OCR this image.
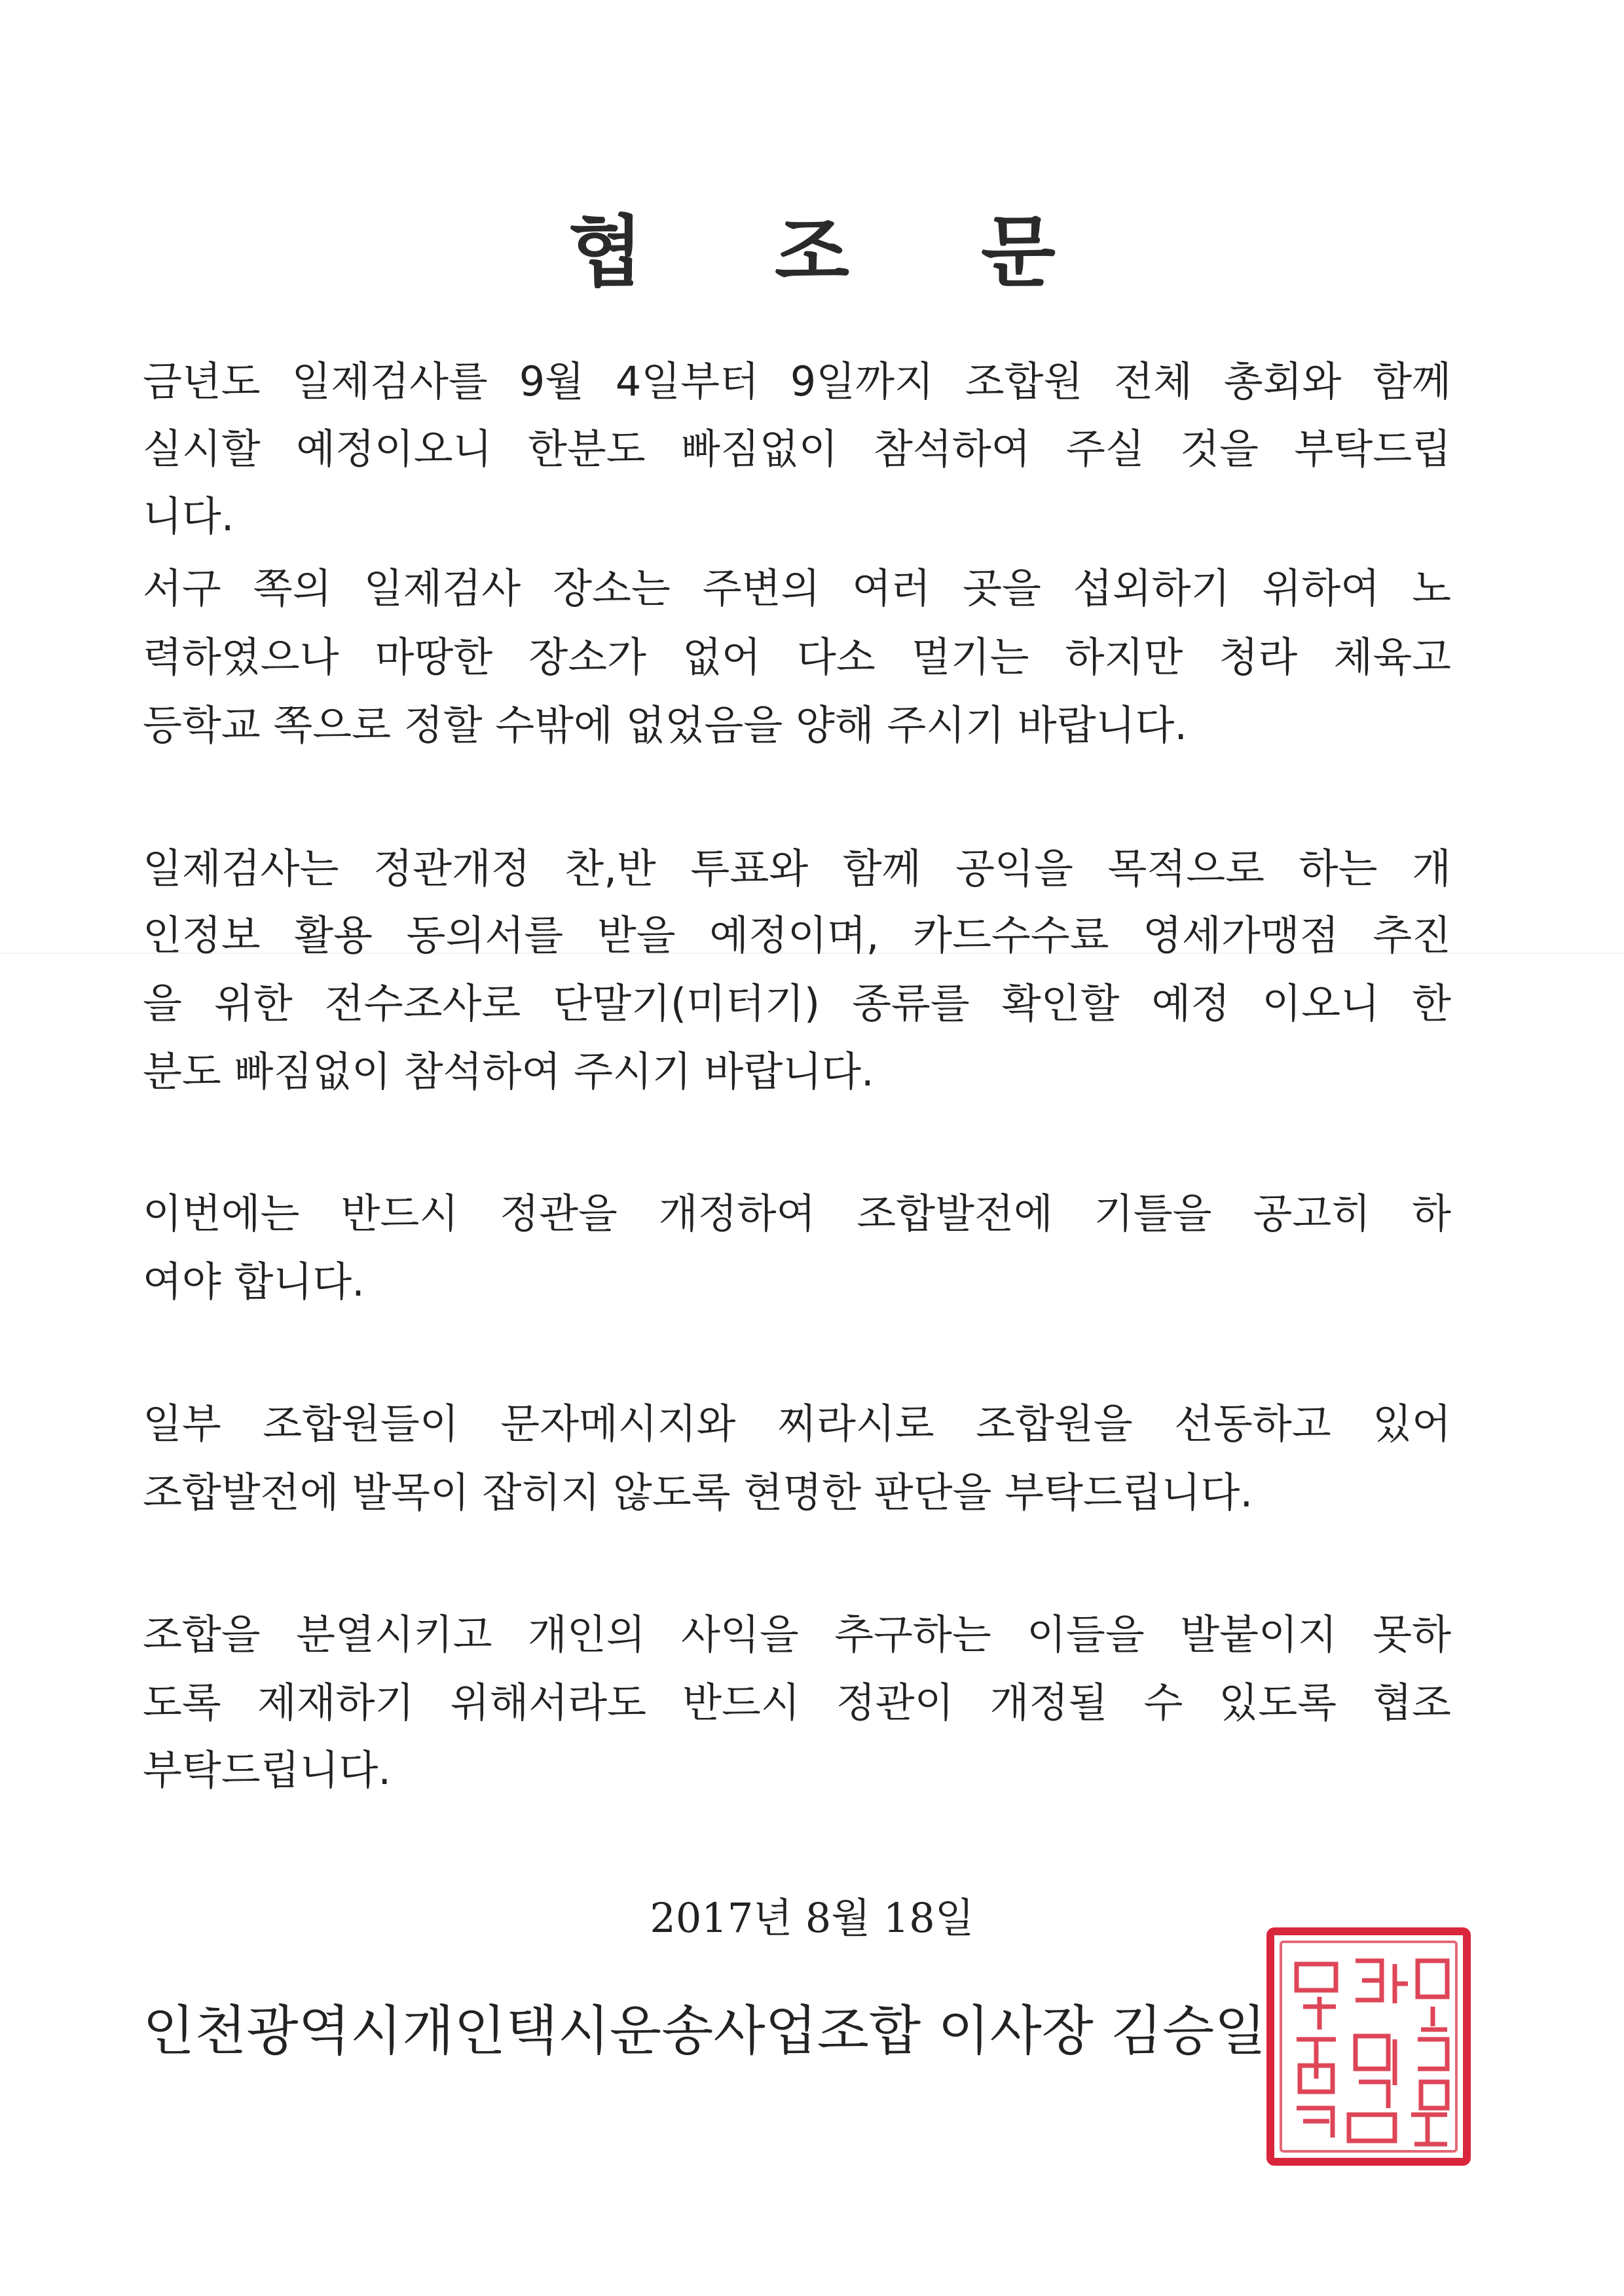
협 조 문

금년도 일제검사를 9월 4일부터 9일까지 조합원 전체 총회와 함께

실시할 예정이오니 한분도 빠짐없이 참석하여 주실 것을 부탁드립

니다.

서구 쪽의 일제검사 장소는 주변의 여러 곳을 섭외하기 위하여 노

력하였으나 마땅한 장소가 없어 다소 멀기는 하지만 청라 체육고

등학교 쪽으로 정할 수밖에 없었음을 양해 주시기 바랍니다.

일제검사는 정관개정 찬,반 투표와 함께 공익을 목적으로 하는 개

인정보 활용 동의서를 받을 예정이며, 카드수수료 영세가맹점 추진

을 위한 전수조사로 단말기(미터기) 종류를 확인할 예정 이오니 한

분도 빠짐없이 참석하여 주시기 바랍니다.

이번에는 반드시 정관을 개정하여 조합발전에 기틀을 공고히 하

여야 합니다.

일부 조합원들이 문자메시지와 찌라시로 조합원을 선동하고 있어

조합발전에 발목이 잡히지 않도록 현명한 판단을 부탁드립니다.

조합을 분열시키고 개인의 사익을 추구하는 이들을 발붙이지 못하

도록 제재하기 위해서라도 반드시 정관이 개정될 수 있도록 협조

부탁드립니다.

2017년 8월 18일

인천광역시개인택시운송사업조합 이사장 김승일
